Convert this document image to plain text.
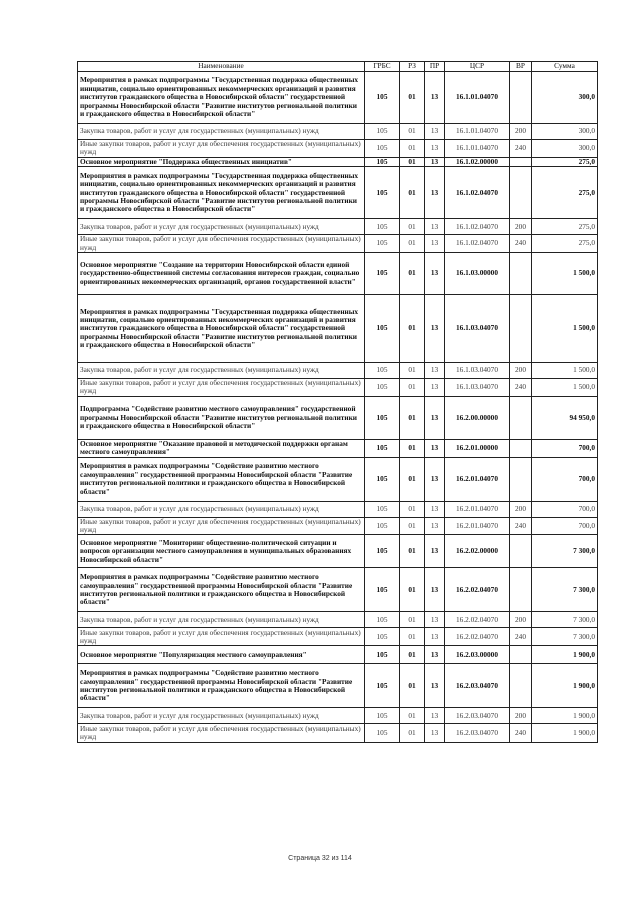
Наименование	ГРБС	РЗ	ПР	ЦСР	ВР	Сумма
Мероприятия в рамках подпрограммы "Государственная поддержка общественных инициатив, социально ориентированных некоммерческих организаций и развития институтов гражданского общества в Новосибирской области" государственной программы Новосибирской области "Развитие институтов региональной политики и гражданского общества в Новосибирской области"	105	01	13	16.1.01.04070		300,0
Закупка товаров, работ и услуг для государственных (муниципальных) нужд	105	01	13	16.1.01.04070	200	300,0
Иные закупки товаров, работ и услуг для обеспечения государственных (муниципальных) нужд	105	01	13	16.1.01.04070	240	300,0
Основное мероприятие "Поддержка общественных инициатив"	105	01	13	16.1.02.00000		275,0
Мероприятия в рамках подпрограммы "Государственная поддержка общественных инициатив, социально ориентированных некоммерческих организаций и развития институтов гражданского общества в Новосибирской области" государственной программы Новосибирской области "Развитие институтов региональной политики и гражданского общества в Новосибирской области"	105	01	13	16.1.02.04070		275,0
Закупка товаров, работ и услуг для государственных (муниципальных) нужд	105	01	13	16.1.02.04070	200	275,0
Иные закупки товаров, работ и услуг для обеспечения государственных (муниципальных) нужд	105	01	13	16.1.02.04070	240	275,0
Основное мероприятие "Создание на территории Новосибирской области единой государственно-общественной системы согласования интересов граждан, социально ориентированных некоммерческих организаций, органов государственной власти"	105	01	13	16.1.03.00000		1 500,0
Мероприятия в рамках подпрограммы "Государственная поддержка общественных инициатив, социально ориентированных некоммерческих организаций и развития институтов гражданского общества в Новосибирской области" государственной программы Новосибирской области "Развитие институтов региональной политики и гражданского общества в Новосибирской области"	105	01	13	16.1.03.04070		1 500,0
Закупка товаров, работ и услуг для государственных (муниципальных) нужд	105	01	13	16.1.03.04070	200	1 500,0
Иные закупки товаров, работ и услуг для обеспечения государственных (муниципальных) нужд	105	01	13	16.1.03.04070	240	1 500,0
Подпрограмма "Содействие развитию местного самоуправления" государственной программы Новосибирской области "Развитие институтов региональной политики и гражданского общества в Новосибирской области"	105	01	13	16.2.00.00000		94 950,0
Основное мероприятие "Оказание правовой и методической поддержки органам местного самоуправления"	105	01	13	16.2.01.00000		700,0
Мероприятия в рамках подпрограммы "Содействие развитию местного самоуправления" государственной программы Новосибирской области "Развитие институтов региональной политики и гражданского общества в Новосибирской области"	105	01	13	16.2.01.04070		700,0
Закупка товаров, работ и услуг для государственных (муниципальных) нужд	105	01	13	16.2.01.04070	200	700,0
Иные закупки товаров, работ и услуг для обеспечения государственных (муниципальных) нужд	105	01	13	16.2.01.04070	240	700,0
Основное мероприятие "Мониторинг общественно-политической ситуации и вопросов организации местного самоуправления в муниципальных образованиях Новосибирской области"	105	01	13	16.2.02.00000		7 300,0
Мероприятия в рамках подпрограммы "Содействие развитию местного самоуправления" государственной программы Новосибирской области "Развитие институтов региональной политики и гражданского общества в Новосибирской области"	105	01	13	16.2.02.04070		7 300,0
Закупка товаров, работ и услуг для государственных (муниципальных) нужд	105	01	13	16.2.02.04070	200	7 300,0
Иные закупки товаров, работ и услуг для обеспечения государственных (муниципальных) нужд	105	01	13	16.2.02.04070	240	7 300,0
Основное мероприятие "Популяризация местного самоуправления"	105	01	13	16.2.03.00000		1 900,0
Мероприятия в рамках подпрограммы "Содействие развитию местного самоуправления" государственной программы Новосибирской области "Развитие институтов региональной политики и гражданского общества в Новосибирской области"	105	01	13	16.2.03.04070		1 900,0
Закупка товаров, работ и услуг для государственных (муниципальных) нужд	105	01	13	16.2.03.04070	200	1 900,0
Иные закупки товаров, работ и услуг для обеспечения государственных (муниципальных) нужд	105	01	13	16.2.03.04070	240	1 900,0
Страница 32 из 114
